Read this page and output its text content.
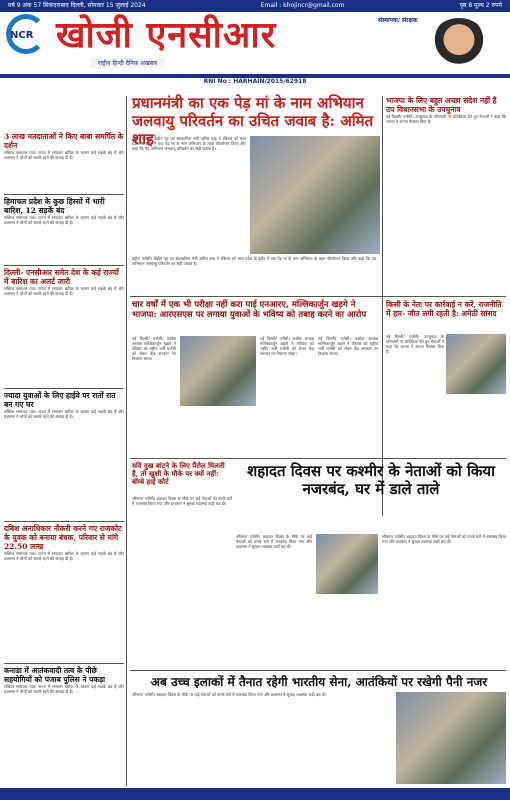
वर्ष 9 अंक 57 सिकंदराबाद दिल्ली, सोमवार 15 जुलाई 2024	Email : khojincr@gmail.com	पृष्ठ 8 मूल्य 2 रुपये
NCR खोजी एनसीआर
राष्ट्रीय हिन्दी दैनिक अखबार
संस्थापक/ संरक्षक
RNI No : HARHAIN/2015/62918
3 लाख मतदाताओं ने किए बाबा समर्पित के दर्शन
संक्षिप्त समाचार पाठ। राज्य में लगातार बारिश के कारण कई सड़कें बंद हैं और प्रशासन ने लोगों को सतर्क रहने की सलाह दी है।
हिमाचल प्रदेश के कुछ हिस्सों में भारी बारिश, 12 सड़कें बंद
संक्षिप्त समाचार पाठ। राज्य में लगातार बारिश के कारण कई सड़कें बंद हैं और प्रशासन ने लोगों को सतर्क रहने की सलाह दी है।
दिल्ली- एनसीआर समेत देश के कई राज्यों में बारिश का अलर्ट जारी
संक्षिप्त समाचार पाठ। राज्य में लगातार बारिश के कारण कई सड़कें बंद हैं और प्रशासन ने लोगों को सतर्क रहने की सलाह दी है।
ज्यादा युवाओं के लिए हाईवे पर रातों रात बन गए घर
संक्षिप्त समाचार पाठ। राज्य में लगातार बारिश के कारण कई सड़कें बंद हैं और प्रशासन ने लोगों को सतर्क रहने की सलाह दी है।
दबिश अनाधिकार नौकरी करने गए राजकोट के युवक को बनाया बंधक, परिवार से मांगे 22.50 लाख
संक्षिप्त समाचार पाठ। राज्य में लगातार बारिश के कारण कई सड़कें बंद हैं और प्रशासन ने लोगों को सतर्क रहने की सलाह दी है।
कनाडा में आतंकवादी तत्व के पीछे सहयोगियों को पंजाब पुलिस ने पकड़ा
संक्षिप्त समाचार पाठ। राज्य में लगातार बारिश के कारण कई सड़कें बंद हैं और प्रशासन ने लोगों को सतर्क रहने की सलाह दी है।
प्रधानमंत्री का एक पेड़ मां के नाम अभियान जलवायु परिवर्तन का उचित जवाब है: अमित शाह
इंदौर/ एजेंसी। केंद्रीय गृह एवं सहकारिता मंत्री अमित शाह ने रविवार को मध्य प्रदेश के इंदौर में एक पेड़ मां के नाम अभियान के तहत पौधरोपण किया और कहा कि यह अभियान जलवायु परिवर्तन का सही जवाब है।
इंदौर/ एजेंसी। केंद्रीय गृह एवं सहकारिता मंत्री अमित शाह ने रविवार को मध्य प्रदेश के इंदौर में एक पेड़ मां के नाम अभियान के तहत पौधरोपण किया और कहा कि यह अभियान जलवायु परिवर्तन का सही जवाब है।
भाजपा के लिए बहुत अच्छा संदेश नहीं है उप विधानसभा के उपचुनाव
नई दिल्ली/ एजेंसी। उपचुनाव के परिणामों पर प्रतिक्रिया देते हुए नेताओं ने कहा कि जनता ने अपना फैसला दिया है।
चार वर्षों में एक भी परीक्षा नहीं करा पाई एनआरए, मल्लिकार्जुन खड़गे ने भाजपा: आरएसएस पर लगाया युवाओं के भविष्य को तबाह करने का आरोप
नई दिल्ली/ एजेंसी। कांग्रेस अध्यक्ष मल्लिकार्जुन खड़गे ने रविवार को राष्ट्रीय भर्ती एजेंसी को लेकर केंद्र सरकार पर निशाना साधा।
नई दिल्ली/ एजेंसी। कांग्रेस अध्यक्ष मल्लिकार्जुन खड़गे ने रविवार को राष्ट्रीय भर्ती एजेंसी को लेकर केंद्र सरकार पर निशाना साधा।
नई दिल्ली/ एजेंसी। कांग्रेस अध्यक्ष मल्लिकार्जुन खड़गे ने रविवार को राष्ट्रीय भर्ती एजेंसी को लेकर केंद्र सरकार पर निशाना साधा।
किसी के नेता पर कार्रवाई न करें, राजनीति में हार- जीत लगी रहती है: अमेठी सांसद
नई दिल्ली/ एजेंसी। उपचुनाव के परिणामों पर प्रतिक्रिया देते हुए नेताओं ने कहा कि जनता ने अपना फैसला दिया है।
शहादत दिवस पर कश्मीर के नेताओं को किया नजरबंद, घर में डाले ताले
यदि दुख बांटने के लिए पैरोल मिलती है, तो खुशी के मौके पर क्यों नहीं: बॉम्बे हाई कोर्ट
श्रीनगर/ एजेंसी। शहादत दिवस के मौके पर कई नेताओं को उनके घरों में नजरबंद किया गया और प्रशासन ने सुरक्षा व्यवस्था कड़ी कर दी।
श्रीनगर/ एजेंसी। शहादत दिवस के मौके पर कई नेताओं को उनके घरों में नजरबंद किया गया और प्रशासन ने सुरक्षा व्यवस्था कड़ी कर दी।
श्रीनगर/ एजेंसी। शहादत दिवस के मौके पर कई नेताओं को उनके घरों में नजरबंद किया गया और प्रशासन ने सुरक्षा व्यवस्था कड़ी कर दी।
अब उच्च इलाकों में तैनात रहेगी भारतीय सेना, आतंकियों पर रखेगी पैनी नजर
श्रीनगर/ एजेंसी। शहादत दिवस के मौके पर कई नेताओं को उनके घरों में नजरबंद किया गया और प्रशासन ने सुरक्षा व्यवस्था कड़ी कर दी।
